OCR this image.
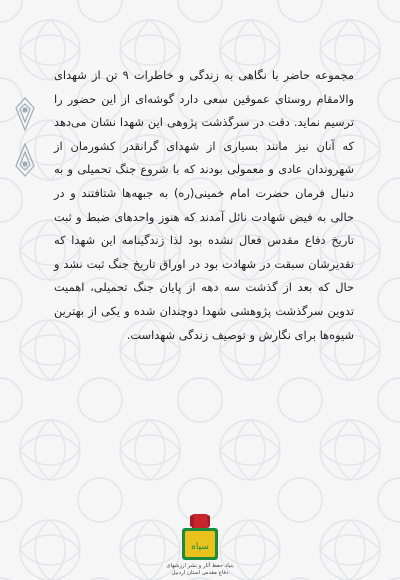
مجموعه حاضر با نگاهی به زندگی و خاطرات ۹ تن از شهدای والامقام روستای عموقین سعی دارد گوشه‌ای از این حضور را ترسیم نماید. دقت در سرگذشت پژوهی این شهدا نشان می‌دهد که آنان نیز مانند بسیاری از شهدای گرانقدر کشورمان از شهروندان عادی و معمولی بودند که با شروع جنگ تحمیلی و به دنبال فرمان حضرت امام خمینی(ره) به جبهه‌ها شتافتند و در حالی به فیض شهادت نائل آمدند که هنوز واحدهای ضبط و ثبت تاریخ دفاع مقدس فعال نشده بود لذا زندگینامه این شهدا که تقدیرشان سبقت در شهادت بود در اوراق تاریخ جنگ ثبت نشد و حال که بعد از گذشت سه دهه از پایان جنگ تحمیلی، اهمیت تدوین سرگذشت پژوهشی شهدا دوچندان شده و یکی از بهترین شیوه‌ها برای نگارش و توصیف زندگی شهداست.
سپاه
بنیاد حفظ آثار و نشر ارزشهای
دفاع مقدس استان اردبیل
